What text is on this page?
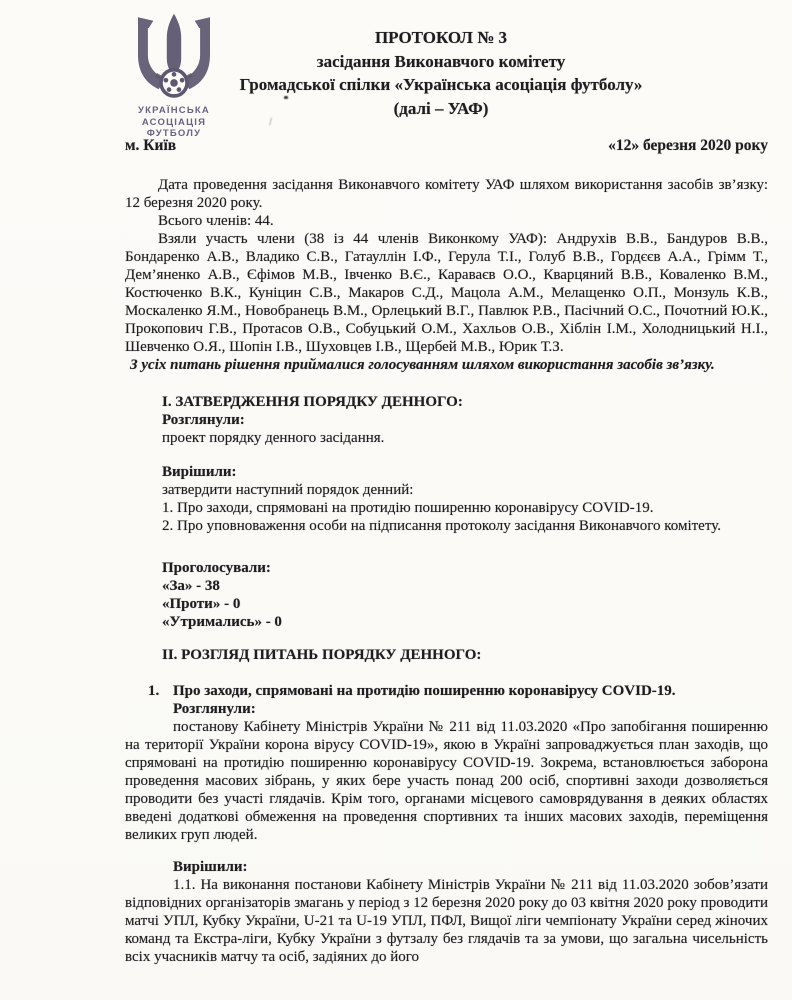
УКРАЇНСЬКА
АСОЦІАЦІЯ
ФУТБОЛУ
ПРОТОКОЛ № 3
засідання Виконавчого комітету
Громадської спілки «Українська асоціація футболу»
(далі – УАФ)
м. Київ	«12» березня 2020 року

Дата проведення засідання Виконавчого комітету УАФ шляхом використання засобів зв’язку: 12 березня 2020 року.

Всього членів: 44.

Взяли участь члени (38 із 44 членів Виконкому УАФ): Андрухів В.В., Бандуров В.В., Бондаренко А.В., Владико С.В., Гатауллін І.Ф., Герула Т.І., Голуб В.В., Гордєєв А.А., Грімм Т., Дем’яненко А.В., Єфімов М.В., Івченко В.Є., Караваєв О.О., Кварцяний В.В., Коваленко В.М., Костюченко В.К., Куніцин С.В., Макаров С.Д., Мацола А.М., Мелащенко О.П., Монзуль К.В., Москаленко Я.М., Новобранець В.М., Орлецький В.Г., Павлюк Р.В., Пасічний О.С., Почотний Ю.К., Прокопович Г.В., Протасов О.В., Собуцький О.М., Хахльов О.В., Хіблін І.М., Холодницький Н.І., Шевченко О.Я., Шопін І.В., Шуховцев І.В., Щербей М.В., Юрик Т.З.

З усіх питань рішення приймалися голосуванням шляхом використання засобів зв’язку.

І. ЗАТВЕРДЖЕННЯ ПОРЯДКУ ДЕННОГО:

Розглянули:

проект порядку денного засідання.

Вирішили:

затвердити наступний порядок денний:

1. Про заходи, спрямовані на протидію поширенню коронавірусу COVID-19.

2. Про уповноваження особи на підписання протоколу засідання Виконавчого комітету.

Проголосували:

«За» - 38

«Проти» - 0

«Утримались» - 0

ІІ. РОЗГЛЯД ПИТАНЬ ПОРЯДКУ ДЕННОГО:

1. Про заходи, спрямовані на протидію поширенню коронавірусу COVID-19.

Розглянули:

постанову Кабінету Міністрів України № 211 від 11.03.2020 «Про запобігання поширенню на території України корона вірусу COVID-19», якою в Україні запроваджується план заходів, що спрямовані на протидію поширенню коронавірусу COVID-19. Зокрема, встановлюється заборона проведення масових зібрань, у яких бере участь понад 200 осіб, спортивні заходи дозволяється проводити без участі глядачів. Крім того, органами місцевого самоврядування в деяких областях введені додаткові обмеження на проведення спортивних та інших масових заходів, переміщення великих груп людей.

Вирішили:

1.1. На виконання постанови Кабінету Міністрів України № 211 від 11.03.2020 зобов’язати відповідних організаторів змагань у період з 12 березня 2020 року до 03 квітня 2020 року проводити матчі УПЛ, Кубку України, U-21 та U-19 УПЛ, ПФЛ, Вищої ліги чемпіонату України серед жіночих команд та Екстра-ліги, Кубку України з футзалу без глядачів та за умови, що загальна чисельність всіх учасників матчу та осіб, задіяних до його
